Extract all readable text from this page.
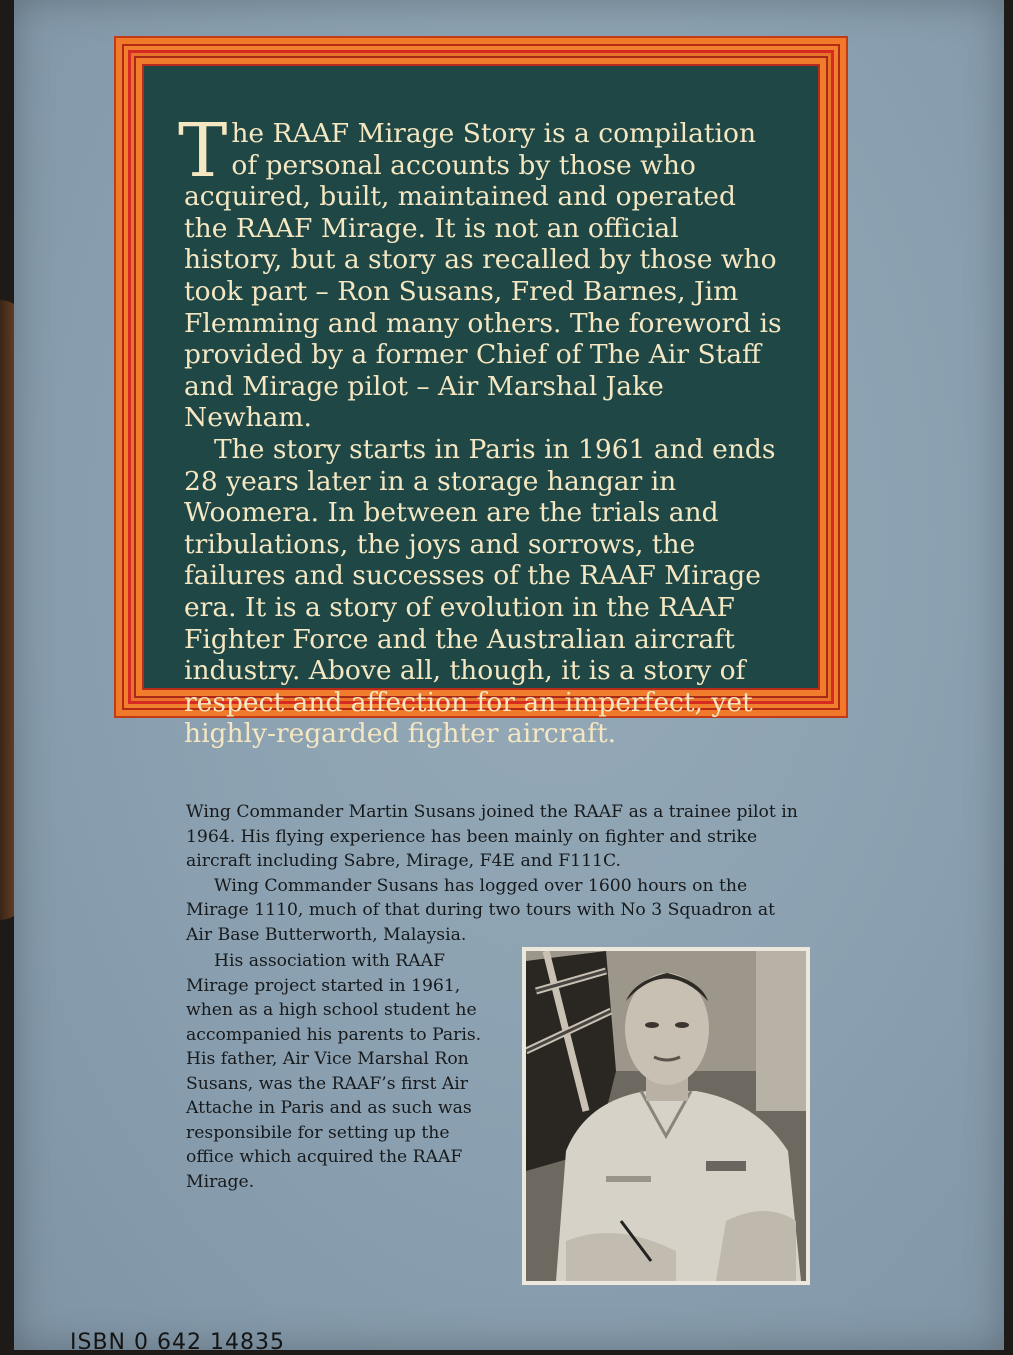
The RAAF Mirage Story is a compilation of personal accounts by those who acquired, built, maintained and operated the RAAF Mirage. It is not an official history, but a story as recalled by those who took part – Ron Susans, Fred Barnes, Jim Flemming and many others. The foreword is provided by a former Chief of The Air Staff and Mirage pilot – Air Marshal Jake Newham.

The story starts in Paris in 1961 and ends 28 years later in a storage hangar in Woomera. In between are the trials and tribulations, the joys and sorrows, the failures and successes of the RAAF Mirage era. It is a story of evolution in the RAAF Fighter Force and the Australian aircraft industry. Above all, though, it is a story of respect and affection for an imperfect, yet highly-regarded fighter aircraft.

Wing Commander Martin Susans joined the RAAF as a trainee pilot in 1964. His flying experience has been mainly on fighter and strike aircraft including Sabre, Mirage, F4E and F111C.

Wing Commander Susans has logged over 1600 hours on the Mirage 1110, much of that during two tours with No 3 Squadron at Air Base Butterworth, Malaysia.

His association with RAAF Mirage project started in 1961, when as a high school student he accompanied his parents to Paris. His father, Air Vice Marshal Ron Susans, was the RAAF’s first Air Attache in Paris and as such was responsibile for setting up the office which acquired the RAAF Mirage.

ISBN 0 642 14835
